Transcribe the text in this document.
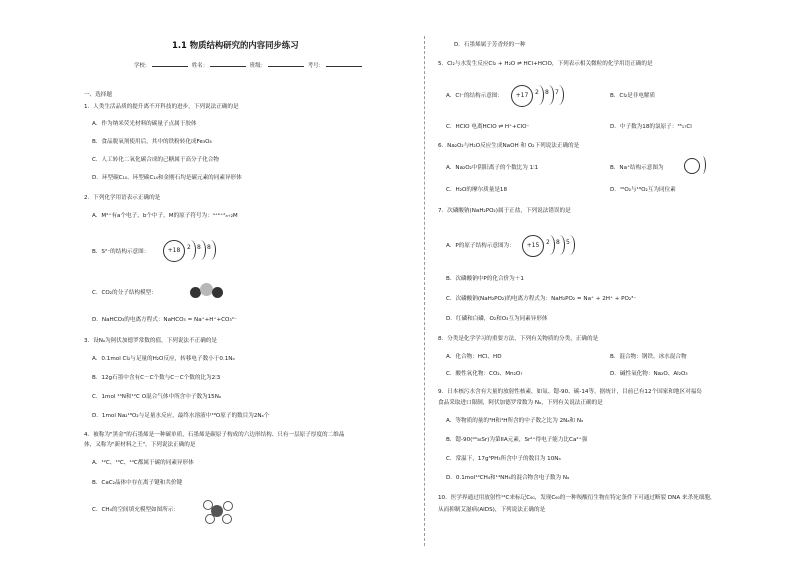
1.1 物质结构研究的内容同步练习
学校：	姓名：	班级：	考号：
一、选择题
1．人类生活品质的提升离不开科技的进步。下列说法正确的是
A．作为纳米荧光材料的碳量子点属于胶体
B．食品脱氧剂使用后，其中的铁粉转化成Fe₃O₄
C．人工转化二氧化碳合成的己糖属于高分子化合物
D．环型碳C₁₀、环型碳C₁₄和金刚石均是碳元素的同素异形体
2．下列化学用语表示正确的是
A．M²⁺有a个电子，b个中子，M的原子符号为：ᵃ⁺ᵇ⁺²ₐ₊₂M
B．S²⁻的结构示意图：	+18	2 8 8
C．CO₂的分子结构模型：
D．NaHCO₃的电离方程式：NaHCO₃ = Na⁺+H⁺+CO₃²⁻
3．设Nₐ为阿伏加德罗常数的值，下列说法不正确的是
A．0.1mol Cl₂与足量的H₂O反应，转移电子数小于0.1Nₐ
B．12g石墨中含有C－C个数与C－C个数的比为2∶3
C．1mol ¹⁴N和¹²C O混合气体中所含中子数为15Nₐ
D．1mol Na₂¹⁸O₂与足量水反应，最终水溶液中¹⁸O原子的数目为2Nₐ个
4．被称为"黑金"的石墨烯是一种碳单质，石墨烯是碳原子构成的六边形结构、只有一层原子厚度的二维晶
体，又称为"新材料之王"。下列说法正确的是
A．¹²C、¹³C、¹⁴C都属于碳的同素异形体
B．CaC₂晶体中存在离子键和共价键
C．CH₄的空间填充模型如图所示：
D．石墨烯属于芳香烃的一种
5．Cl₂与水发生反应Cl₂ + H₂O ⇌ HCl+HClO，下列表示相关微粒的化学用语正确的是
A．Cl⁻的结构示意图：	+17	2 8 7	B．Cl₂是非电解质
C．HClO 电离HClO ⇌ H⁺+ClO⁻	D．中子数为18的氯原子：³⁵₁₇Cl
6．Na₂O₂与H₂O反应生成NaOH 和 O₂下列说法正确的是
A．Na₂O₂中阴阳离子的个数比为 1∶1	B．Na⁺结构示意图为
C．H₂O的摩尔质量是18	D．¹⁶O₂与¹⁸O₂互为同位素
7．次磷酸钠(NaH₂PO₂)属于正盐，下列说法错误的是
A．P的原子结构示意图为：	+15	2 8 5
B．次磷酸钠中P的化合价为＋1
C．次磷酸钠(NaH₂PO₂)的电离方程式为：NaH₂PO₂ = Na⁺ + 2H⁺ + PO₂³⁻
D．红磷和白磷，O₂和O₃互为同素异形体
8．分类是化学学习的重要方法，下列有关物质的分类，正确的是
A．化合物：HCl、HD	B．混合物：钢铁、冰水混合物
C．酸性氧化物：CO₂、Mn₂O₇	D．碱性氧化物：Na₂O、Al₂O₃
9．日本核污水含有大量的放射性核素，如氚、锶-90、碳-14等。据统计，目前已有12个国家和地区对福岛
食品采取进口限制，阿伏加德罗常数为 Nₐ，下列有关说法正确的是
A．等物质的量的³H和¹H所含的中子数之比为 2Nₐ和 Nₐ
B．锶-90(⁹⁰₃₈Sr)为第IIA元素，Sr²⁺得电子能力比Ca²⁺强
C．常温下，17g³PH₃所含中子的数目为 10Nₐ
D．0.1mol¹⁴CH₄和¹⁴NH₄的混合物含电子数为 Nₐ
10．医学界通过用放射性¹⁴C来标记C₆₀，发现C₆₀的一种羧酸衍生物在特定条件下可通过断裂 DNA 来杀死细胞，
从而抑制艾滋病(AIDS)，下列说法正确的是
